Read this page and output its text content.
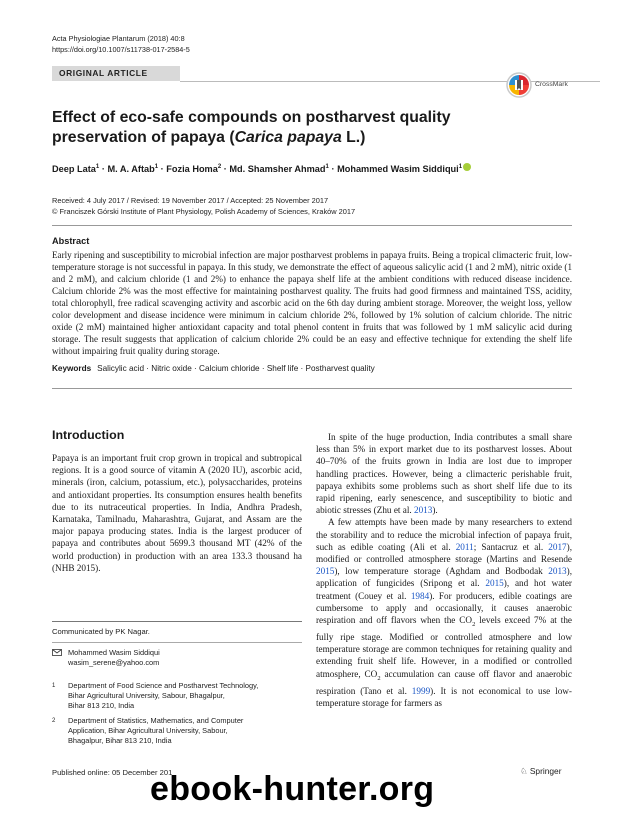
Acta Physiologiae Plantarum (2018) 40:8
https://doi.org/10.1007/s11738-017-2584-5
ORIGINAL ARTICLE
CrossMark
Effect of eco-safe compounds on postharvest quality preservation of papaya (Carica papaya L.)
Deep Lata$^1$ · M. A. Aftab$^1$ · Fozia Homa$^2$ · Md. Shamsher Ahmad$^1$ · Mohammed Wasim Siddiqui$^1$
Received: 4 July 2017 / Revised: 19 November 2017 / Accepted: 25 November 2017
© Franciszek Górski Institute of Plant Physiology, Polish Academy of Sciences, Kraków 2017
Abstract
Early ripening and susceptibility to microbial infection are major postharvest problems in papaya fruits. Being a tropical climacteric fruit, low-temperature storage is not successful in papaya. In this study, we demonstrate the effect of aqueous salicylic acid (1 and 2 mM), nitric oxide (1 and 2 mM), and calcium chloride (1 and 2%) to enhance the papaya shelf life at the ambient conditions with reduced disease incidence. Calcium chloride 2% was the most effective for maintaining postharvest quality. The fruits had good firmness and maintained TSS, acidity, total chlorophyll, free radical scavenging activity and ascorbic acid on the 6th day during ambient storage. Moreover, the weight loss, yellow color development and disease incidence were minimum in calcium chloride 2%, followed by 1% solution of calcium chloride. The nitric oxide (2 mM) maintained higher antioxidant capacity and total phenol content in fruits that was followed by 1 mM salicylic acid during storage. The result suggests that application of calcium chloride 2% could be an easy and effective technique for extending the shelf life without impairing fruit quality during storage.
Keywords Salicylic acid · Nitric oxide · Calcium chloride · Shelf life · Postharvest quality
Introduction

Papaya is an important fruit crop grown in tropical and subtropical regions. It is a good source of vitamin A (2020 IU), ascorbic acid, minerals (iron, calcium, potassium, etc.), polysaccharides, proteins and antioxidant properties. Its consumption ensures health benefits due to its nutraceutical properties. In India, Andhra Pradesh, Karnataka, Tamilnadu, Maharashtra, Gujarat, and Assam are the major papaya producing states. India is the largest producer of papaya and contributes about 5699.3 thousand MT (42% of the world production) in production with an area 133.3 thousand ha (NHB 2015).

In spite of the huge production, India contributes a small share less than 5% in export market due to its postharvest losses. About 40–70% of the fruits grown in India are lost due to improper handling practices. However, being a climacteric perishable fruit, papaya exhibits some problems such as short shelf life due to its rapid ripening, early senescence, and susceptibility to biotic and abiotic stresses (Zhu et al. 2013).

A few attempts have been made by many researchers to extend the storability and to reduce the microbial infection of papaya fruit, such as edible coating (Ali et al. 2011; Santacruz et al. 2017), modified or controlled atmosphere storage (Martins and Resende 2015), low temperature storage (Aghdam and Bodbodak 2013), application of fungicides (Sripong et al. 2015), and hot water treatment (Couey et al. 1984). For producers, edible coatings are cumbersome to apply and occasionally, it causes anaerobic respiration and off flavors when the $CO_2$ levels exceed 7% at the fully ripe stage. Modified or controlled atmosphere and low temperature storage are common techniques for retaining quality and extending fruit shelf life. However, in a modified or controlled atmosphere, $CO_2$ accumulation can cause off flavor and anaerobic respiration (Tano et al. 1999). It is not economical to use low-temperature storage for farmers as

Communicated by PK Nagar.
Mohammed Wasim Siddiqui
wasim_serene@yahoo.com
1 Department of Food Science and Postharvest Technology,
Bihar Agricultural University, Sabour, Bhagalpur,
Bihar 813 210, India
2 Department of Statistics, Mathematics, and Computer
Application, Bihar Agricultural University, Sabour,
Bhagalpur, Bihar 813 210, India
Published online: 05 December 201	♘ Springer
ebook-hunter.org
